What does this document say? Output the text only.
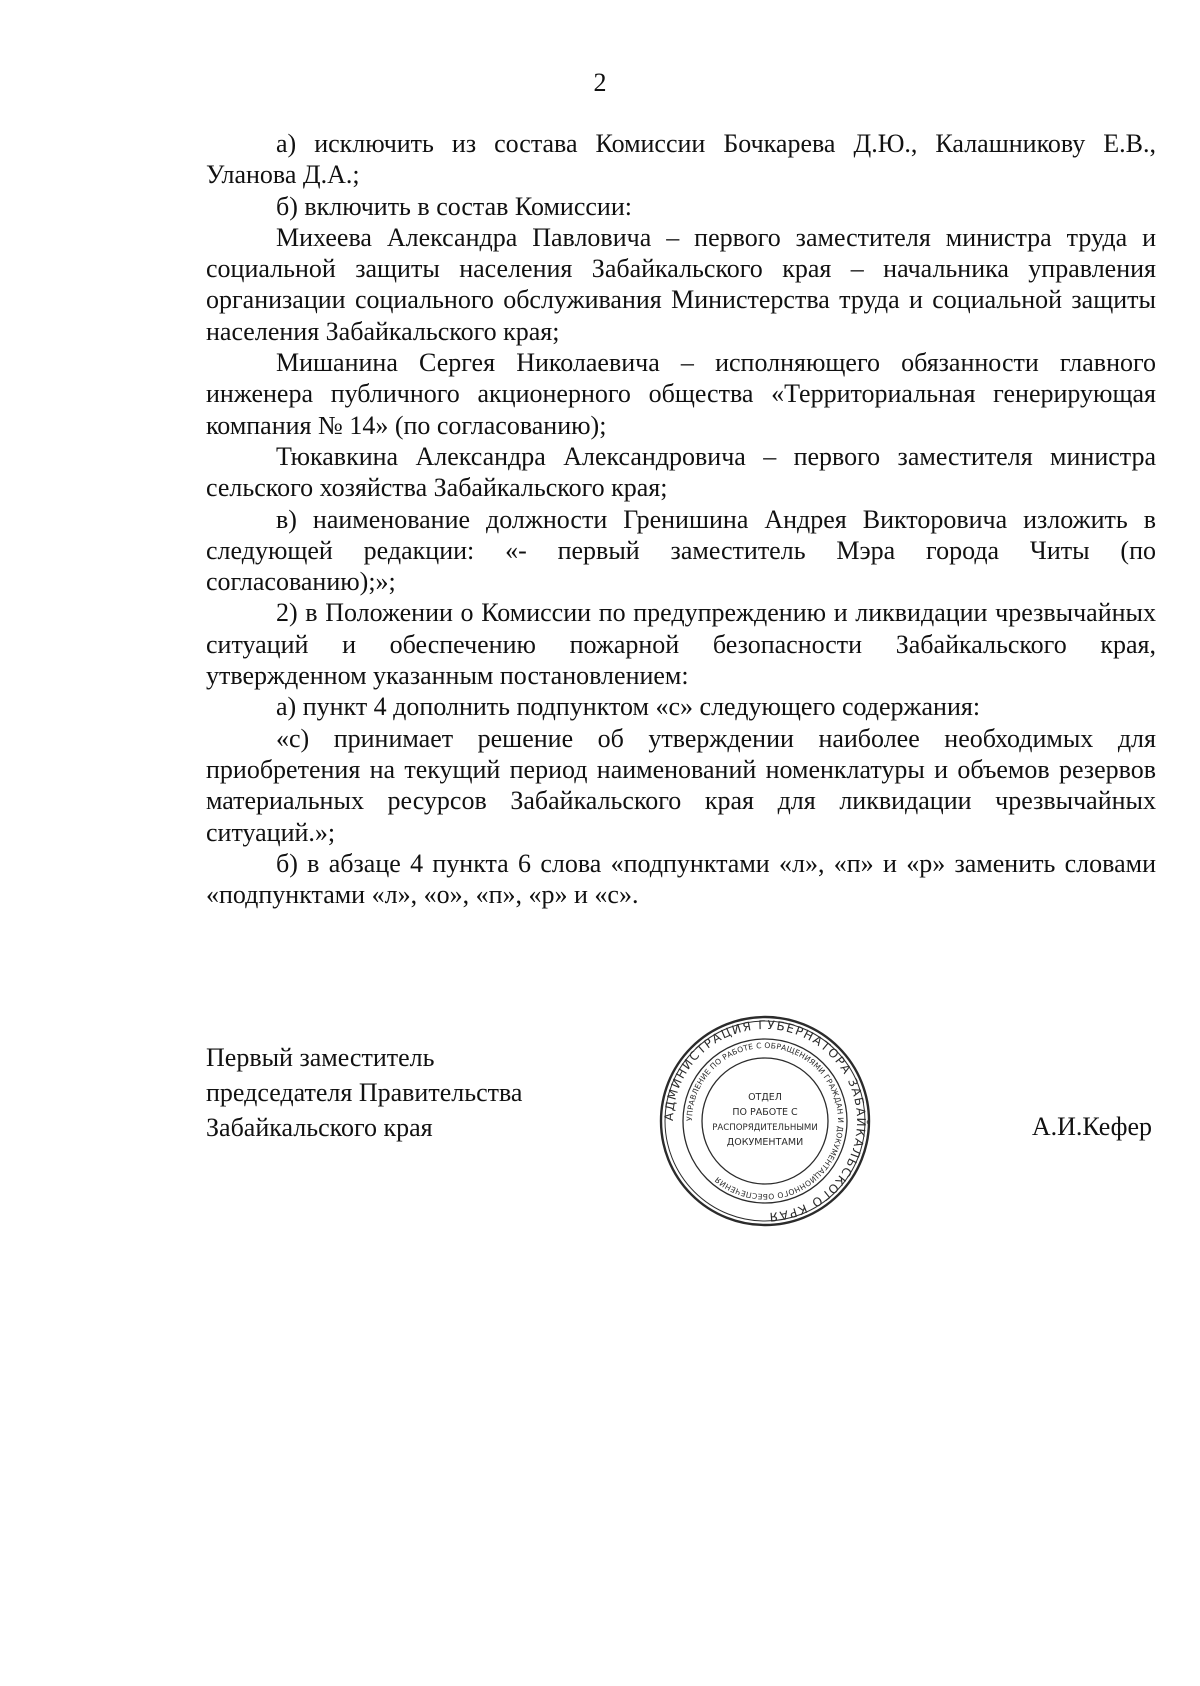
2

а) исключить из состава Комиссии Бочкарева Д.Ю., Калашникову Е.В., Уланова Д.А.;

б) включить в состав Комиссии:

Михеева Александра Павловича – первого заместителя министра труда и социальной защиты населения Забайкальского края – начальника управления организации социального обслуживания Министерства труда и социальной защиты населения Забайкальского края;

Мишанина Сергея Николаевича – исполняющего обязанности главного инженера публичного акционерного общества «Территориальная генерирующая компания № 14» (по согласованию);

Тюкавкина Александра Александровича – первого заместителя министра сельского хозяйства Забайкальского края;

в) наименование должности Гренишина Андрея Викторовича изложить в следующей редакции: «- первый заместитель Мэра города Читы (по согласованию);»;

2) в Положении о Комиссии по предупреждению и ликвидации чрезвычайных ситуаций и обеспечению пожарной безопасности Забайкальского края, утвержденном указанным постановлением:

а) пункт 4 дополнить подпунктом «с» следующего содержания:

«с) принимает решение об утверждении наиболее необходимых для приобретения на текущий период наименований номенклатуры и объемов резервов материальных ресурсов Забайкальского края для ликвидации чрезвычайных ситуаций.»;

б) в абзаце 4 пункта 6 слова «подпунктами «л», «п» и «р» заменить словами «подпунктами «л», «о», «п», «р» и «с».

Первый заместитель
председателя Правительства
Забайкальского края	А.И.Кефер
АДМИНИСТРАЦИЯ ГУБЕРНАТОРА ЗАБАЙКАЛЬСКОГО КРАЯ
УПРАВЛЕНИЕ ПО РАБОТЕ С ОБРАЩЕНИЯМИ ГРАЖДАН И ДОКУМЕНТАЦИОННОГО ОБЕСПЕЧЕНИЯ
ОТДЕЛ
ПО РАБОТЕ С
РАСПОРЯДИТЕЛЬНЫМИ
ДОКУМЕНТАМИ
